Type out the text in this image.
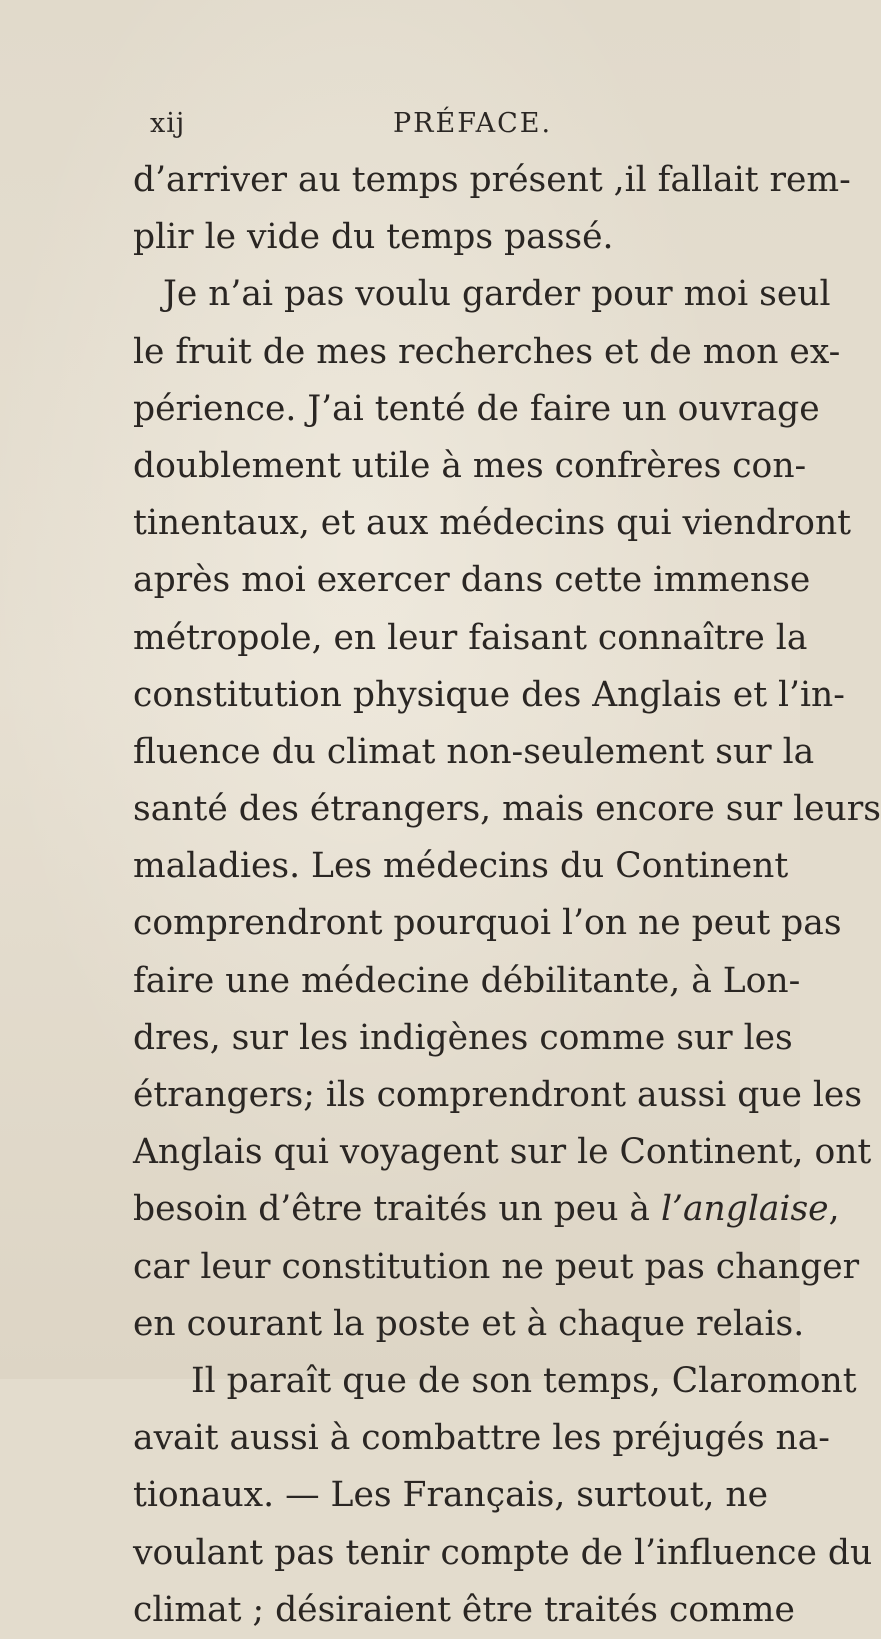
xij	PRÉFACE.
d’arriver au temps présent ,il fallait rem-
plir le vide du temps passé.
Je n’ai pas voulu garder pour moi seul
le fruit de mes recherches et de mon ex-
périence. J’ai tenté de faire un ouvrage
doublement utile à mes confrères con-
tinentaux, et aux médecins qui viendront
après moi exercer dans cette immense
métropole, en leur faisant connaître la
constitution physique des Anglais et l’in-
fluence du climat non-seulement sur la
santé des étrangers, mais encore sur leurs
maladies. Les médecins du Continent
comprendront pourquoi l’on ne peut pas
faire une médecine débilitante, à Lon-
dres, sur les indigènes comme sur les
étrangers; ils comprendront aussi que les
Anglais qui voyagent sur le Continent, ont
besoin d’être traités un peu à l’anglaise,
car leur constitution ne peut pas changer
en courant la poste et à chaque relais.
Il paraît que de son temps, Claromont
avait aussi à combattre les préjugés na-
tionaux. — Les Français, surtout, ne
voulant pas tenir compte de l’influence du
climat ; désiraient être traités comme
